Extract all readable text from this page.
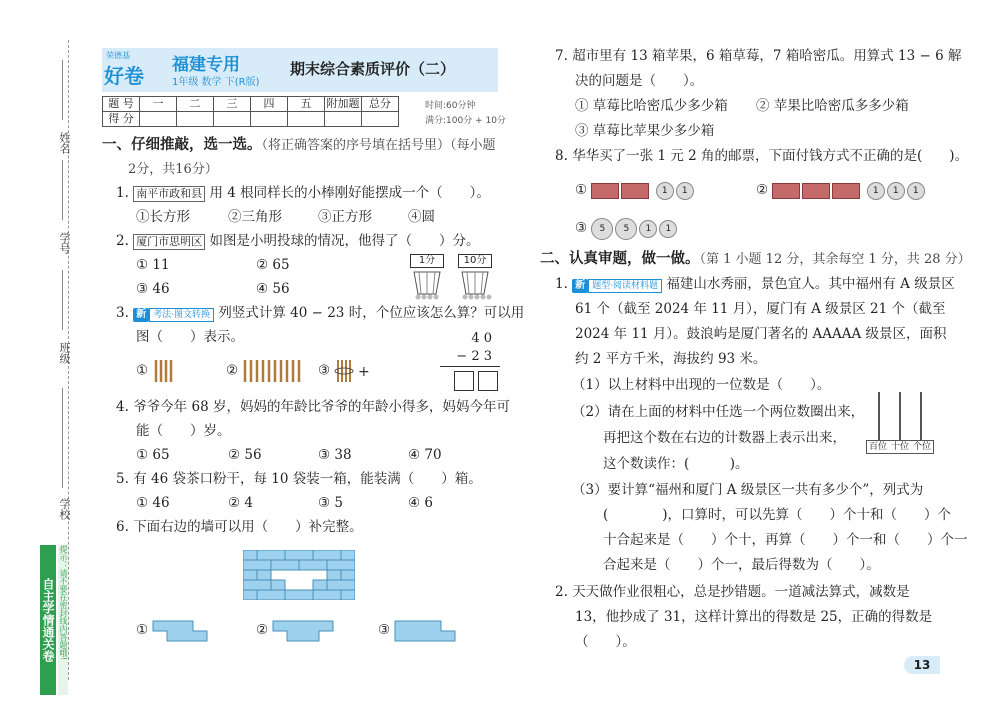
姓名
学号
班级
学校
自主学情通关卷 提示：请不要在密封线内答题哦!
荣德基
好卷 福建专用
1年级 数学 下(R版)
期末综合素质评价（二）
题 号	一	二	三	四	五	附加题	总分
得 分							
时间:60分钟
满分:100分 + 10分
一、仔细推敲，选一选。（将正确答案的序号填在括号里）（每小题
2分，共16分）
1. 南平市政和县 用 4 根同样长的小棒刚好能摆成一个（　　）。
①长方形	②三角形	③正方形	④圆
2. 厦门市思明区 如图是小明投球的情况，他得了（　　）分。
① 11	② 65
③ 46	④ 56
1分	10分
3. 新 考法·图文转换 列竖式计算 40 − 23 时，个位应该怎么算？可以用
图（　　）表示。
①	②	③ +
4 0
− 2 3
4. 爷爷今年 68 岁，妈妈的年龄比爷爷的年龄小得多，妈妈今年可
能（　　）岁。
① 65	② 56	③ 38	④ 70
5. 有 46 袋茶口粉干，每 10 袋装一箱，能装满（　　）箱。
① 46	② 4	③ 5	④ 6
6. 下面右边的墙可以用（　　）补完整。
①	②	③
7. 超市里有 13 箱苹果，6 箱草莓，7 箱哈密瓜。用算式 13 − 6 解
决的问题是（　　）。
① 草莓比哈密瓜少多少箱 ② 苹果比哈密瓜多多少箱
③ 草莓比苹果少多少箱
8. 华华买了一张 1 元 2 角的邮票，下面付钱方式不正确的是(　　)。
①	1 1	②	1 1 1
③ 5 5 1 1
二、认真审题，做一做。（第 1 小题 12 分，其余每空 1 分，共 28 分）
1. 新 题型·阅读材料题 福建山水秀丽，景色宜人。其中福州有 A 级景区
61 个（截至 2024 年 11 月），厦门有 A 级景区 21 个（截至
2024 年 11 月）。鼓浪屿是厦门著名的 AAAAA 级景区，面积
约 2 平方千米，海拔约 93 米。
（1）以上材料中出现的一位数是（　　）。
（2）请在上面的材料中任选一个两位数圈出来，
再把这个数在右边的计数器上表示出来，
这个数读作：(　　　)。
百位 十位 个位
（3）要计算“福州和厦门 A 级景区一共有多少个”，列式为
(　　　　)，口算时，可以先算（　　）个十和（　　）个
十合起来是（　　）个十，再算（　　）个一和（　　）个一
合起来是（　　）个一，最后得数为（　　）。
2. 天天做作业很粗心，总是抄错题。一道减法算式，减数是
13，他抄成了 31，这样计算出的得数是 25，正确的得数是
（　　）。
13
